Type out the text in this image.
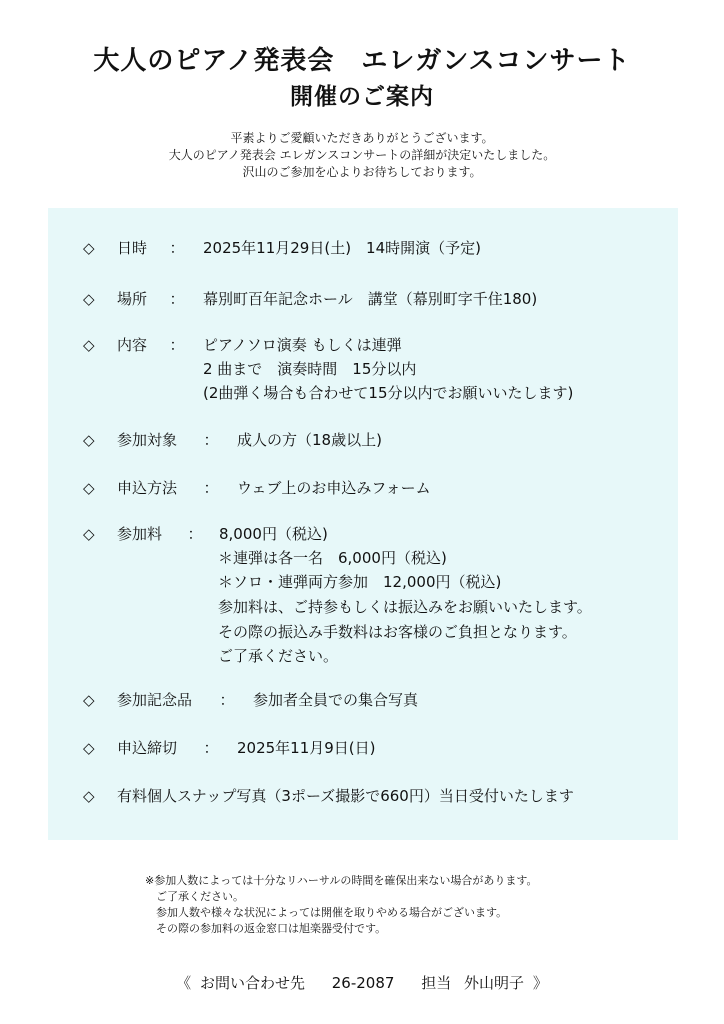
大人のピアノ発表会　エレガンスコンサート
開催のご案内
平素よりご愛顧いただきありがとうございます。
大人のピアノ発表会 エレガンスコンサートの詳細が決定いたしました。
沢山のご参加を心よりお待ちしております。
◇ 日時 ： 2025年11月29日(土)　14時開演（予定)
◇ 場所 ： 幕別町百年記念ホール　講堂（幕別町字千住180)
◇ 内容 ： ピアノソロ演奏 もしくは連弾
2 曲まで　演奏時間　15分以内
(2曲弾く場合も合わせて15分以内でお願いいたします)
◇ 参加対象 ： 成人の方（18歳以上)
◇ 申込方法 ： ウェブ上のお申込みフォーム
◇ 参加料 ： 8,000円（税込)
＊連弾は各一名　6,000円（税込)
＊ソロ・連弾両方参加　12,000円（税込)
参加料は、ご持参もしくは振込みをお願いいたします。
その際の振込み手数料はお客様のご負担となります。
ご了承ください。
◇ 参加記念品 ： 参加者全員での集合写真
◇ 申込締切 ： 2025年11月9日(日)
◇ 有料個人スナップ写真（3ポーズ撮影で660円）当日受付いたします
※参加人数によっては十分なリハーサルの時間を確保出来ない場合があります。
ご了承ください。
参加人数や様々な状況によっては開催を取りやめる場合がございます。
その際の参加料の返金窓口は旭楽器受付です。
《 お問い合わせ先 26-2087 担当 外山明子 》
